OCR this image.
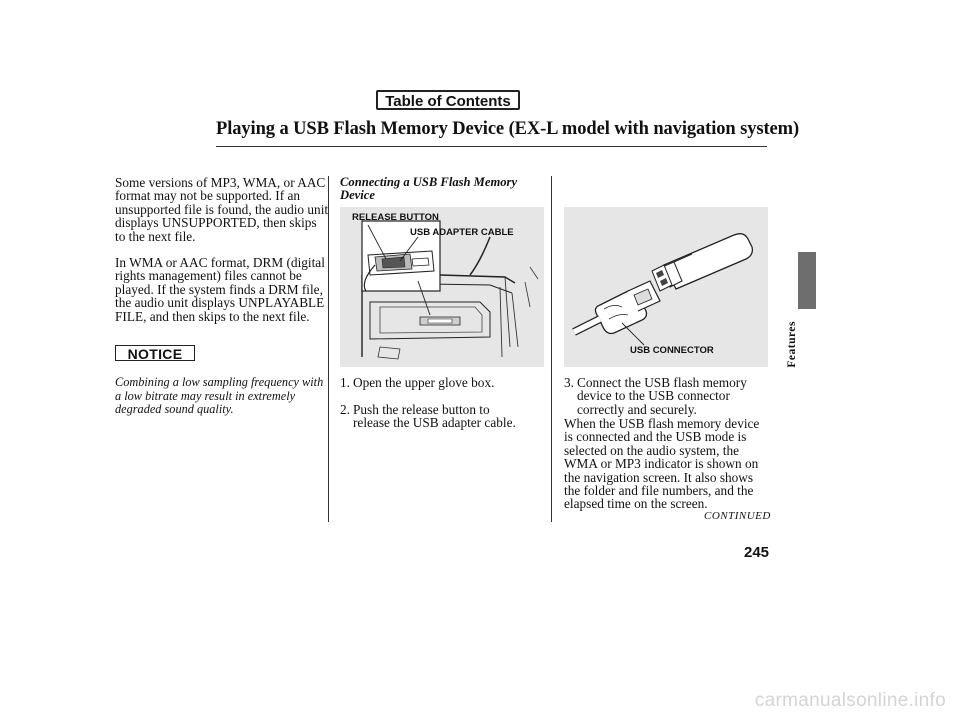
Table of Contents
Playing a USB Flash Memory Device (EX-L model with navigation system)
Some versions of MP3, WMA, or AAC format may not be supported. If an unsupported file is found, the audio unit displays UNSUPPORTED, then skips to the next file.
In WMA or AAC format, DRM (digital rights management) files cannot be played. If the system finds a DRM file, the audio unit displays UNPLAYABLE FILE, and then skips to the next file.
NOTICE
Combining a low sampling frequency with a low bitrate may result in extremely degraded sound quality.
Connecting a USB Flash Memory Device
RELEASE BUTTON
USB ADAPTER CABLE
1. Open the upper glove box.
2. Push the release button to release the USB adapter cable.
USB CONNECTOR
3. Connect the USB flash memory device to the USB connector correctly and securely.
When the USB flash memory device is connected and the USB mode is selected on the audio system, the WMA or MP3 indicator is shown on the navigation screen. It also shows the folder and file numbers, and the elapsed time on the screen.
CONTINUED
Features
245
carmanualsonline.info
